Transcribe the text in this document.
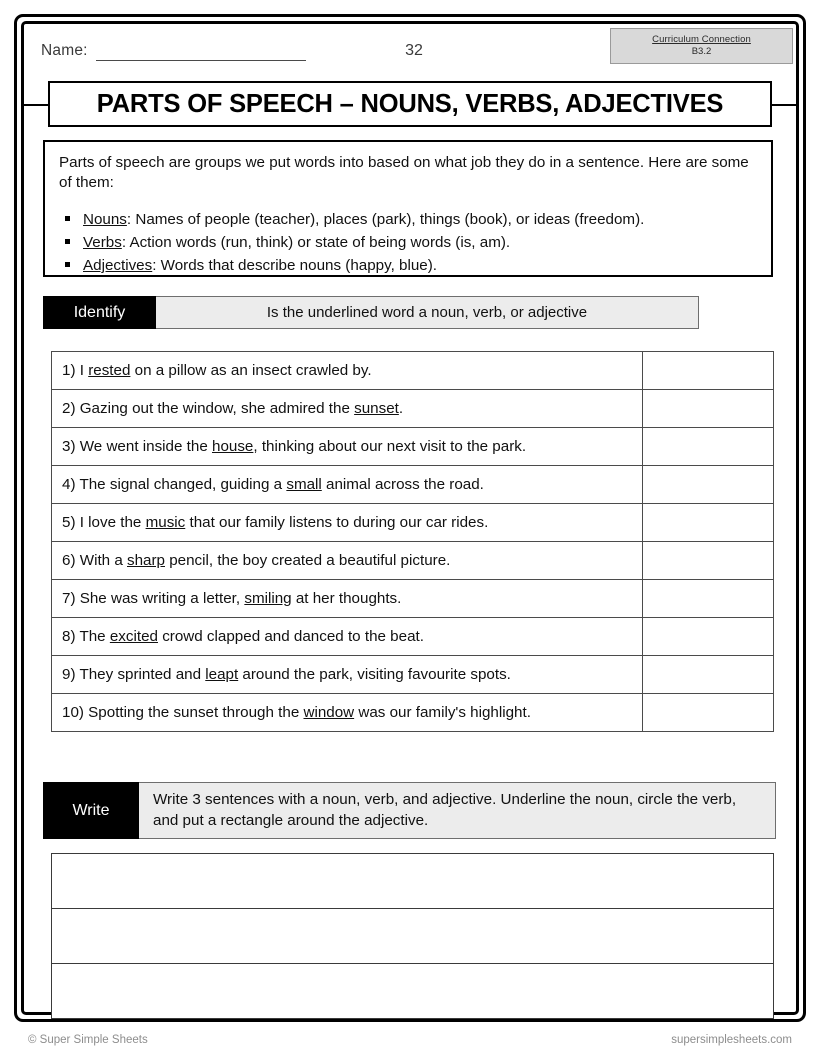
Name:	32
Curriculum Connection
B3.2
PARTS OF SPEECH – NOUNS, VERBS, ADJECTIVES
Parts of speech are groups we put words into based on what job they do in a sentence. Here are some of them:
Nouns: Names of people (teacher), places (park), things (book), or ideas (freedom).
Verbs: Action words (run, think) or state of being words (is, am).
Adjectives: Words that describe nouns (happy, blue).
Identify	Is the underlined word a noun, verb, or adjective
1) I rested on a pillow as an insect crawled by.	
2) Gazing out the window, she admired the sunset.	
3) We went inside the house, thinking about our next visit to the park.	
4) The signal changed, guiding a small animal across the road.	
5) I love the music that our family listens to during our car rides.	
6) With a sharp pencil, the boy created a beautiful picture.	
7) She was writing a letter, smiling at her thoughts.	
8) The excited crowd clapped and danced to the beat.	
9) They sprinted and leapt around the park, visiting favourite spots.	
10) Spotting the sunset through the window was our family's highlight.	
Write
Write 3 sentences with a noun, verb, and adjective. Underline the noun, circle the verb, and put a rectangle around the adjective.

© Super Simple Sheets	supersimplesheets.com
